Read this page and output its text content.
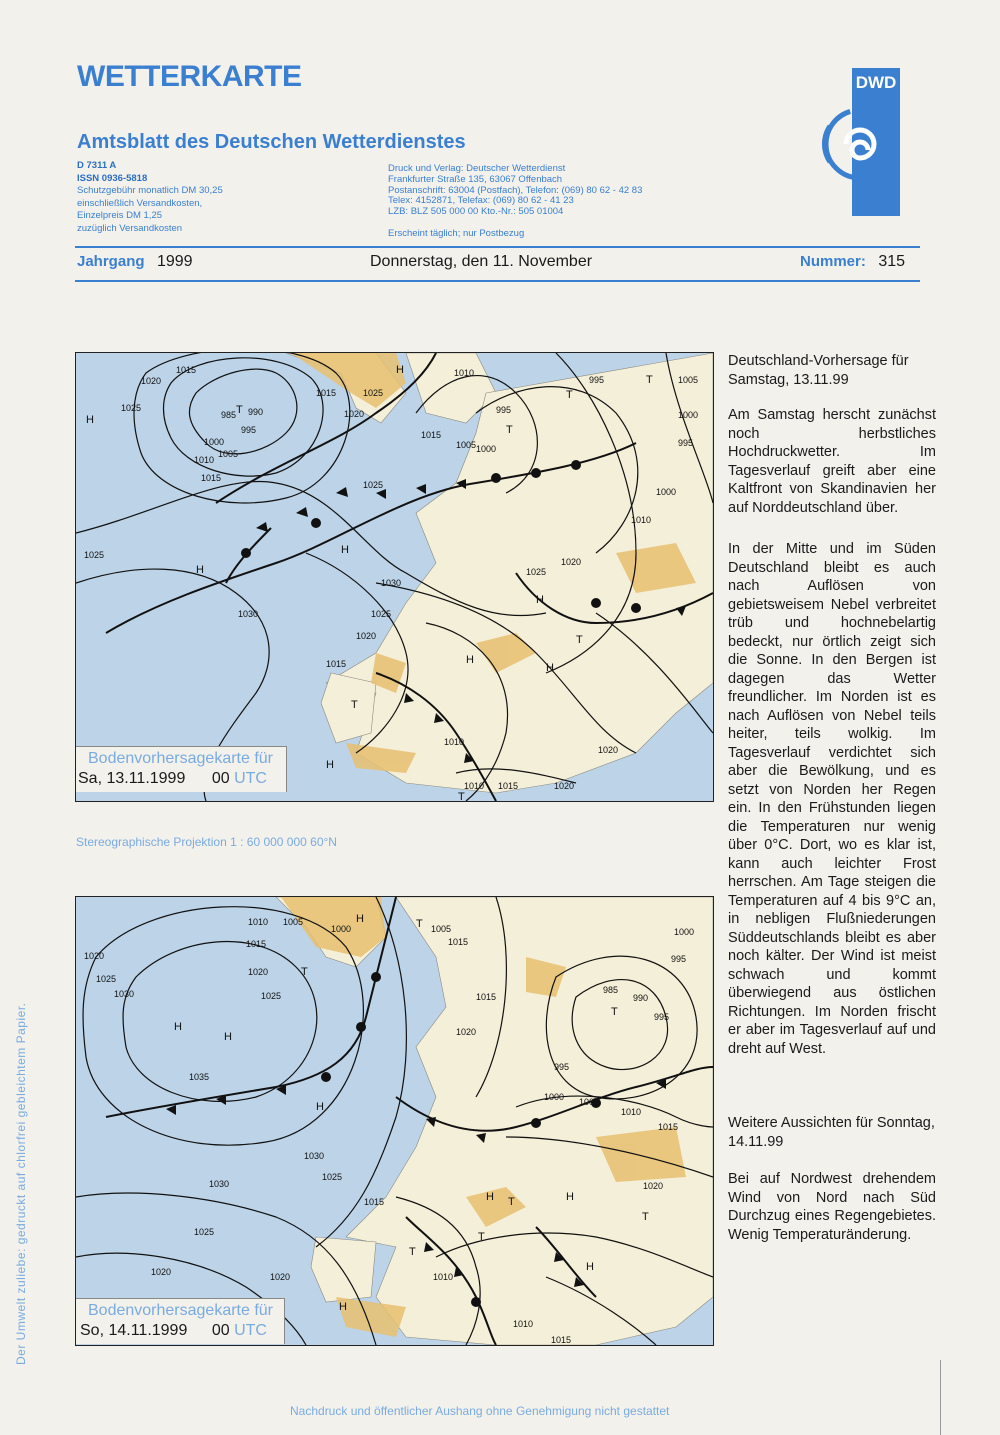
WETTERKARTE
Amtsblatt des Deutschen Wetterdienstes
D 7311 A
ISSN 0936-5818
Schutzgebühr monatlich DM 30,25
einschließlich Versandkosten,
Einzelpreis DM 1,25
zuzüglich Versandkosten
Druck und Verlag: Deutscher Wetterdienst
Frankfurter Straße 135, 63067 Offenbach
Postanschrift: 63004 (Postfach), Telefon: (069) 80 62 - 42 83
Telex: 4152871, Telefax: (069) 80 62 - 41 23
LZB: BLZ 505 000 00 Kto.-Nr.: 505 01004
Erscheint täglich; nur Postbezug
DWD
Jahrgang 1999	Donnerstag, den 11. November	Nummer: 315
H
H
H
H
H
H
H
H
T
T
T
T
T
T
T
1020
1015
1025
985 990
995
1000
1005
1010
1015
1015	1025
1020
1010
1015
1005 1000
995
1005
995
1000
995
1000
1010
1025
1025
1030
1025
1030
1020
1015
1020
1025
1010
1020
1010 1015	1020
Bodenvorhersagekarte für
Sa, 13.11.1999 00 UTC
Stereographische Projektion 1 : 60 000 000 60°N
H
H
H
H
H
H
H
H
T
T
T
T
T
T
T
1010 1005
1000	1005
1015	1015
1020
1020
1025
1030	1025
1035
1030
1025
1030
1025
1015
1020
1000
995
985
990
995
995
1000 1005
1010
1015
1020
1015
1010
1010
1015
1020	1020
Bodenvorhersagekarte für
So, 14.11.1999 00 UTC
Deutschland-Vorhersage für Samstag, 13.11.99
Am Samstag herscht zunächst noch herbstliches Hochdruckwetter. Im Tagesverlauf greift aber eine Kaltfront von Skandinavien her auf Norddeutschland über.
In der Mitte und im Süden Deutschland bleibt es auch nach Auflösen von gebietsweisem Nebel verbreitet trüb und hochnebelartig bedeckt, nur örtlich zeigt sich die Sonne. In den Bergen ist dagegen das Wetter freundlicher. Im Norden ist es nach Auflösen von Nebel teils heiter, teils wolkig. Im Tagesverlauf verdichtet sich aber die Bewölkung, und es setzt von Norden her Regen ein. In den Frühstunden liegen die Temperaturen nur wenig über 0°C. Dort, wo es klar ist, kann auch leichter Frost herrschen. Am Tage steigen die Temperaturen auf 4 bis 9°C an, in nebligen Flußniederungen Süddeutschlands bleibt es aber noch kälter. Der Wind ist meist schwach und kommt überwiegend aus östlichen Richtungen. Im Norden frischt er aber im Tagesverlauf auf und dreht auf West.
Weitere Aussichten für Sonntag, 14.11.99
Bei auf Nordwest drehendem Wind von Nord nach Süd Durchzug eines Regengebietes. Wenig Temperaturänderung.
Der Umwelt zuliebe: gedruckt auf chlorfrei gebleichtem Papier.
Nachdruck und öffentlicher Aushang ohne Genehmigung nicht gestattet
